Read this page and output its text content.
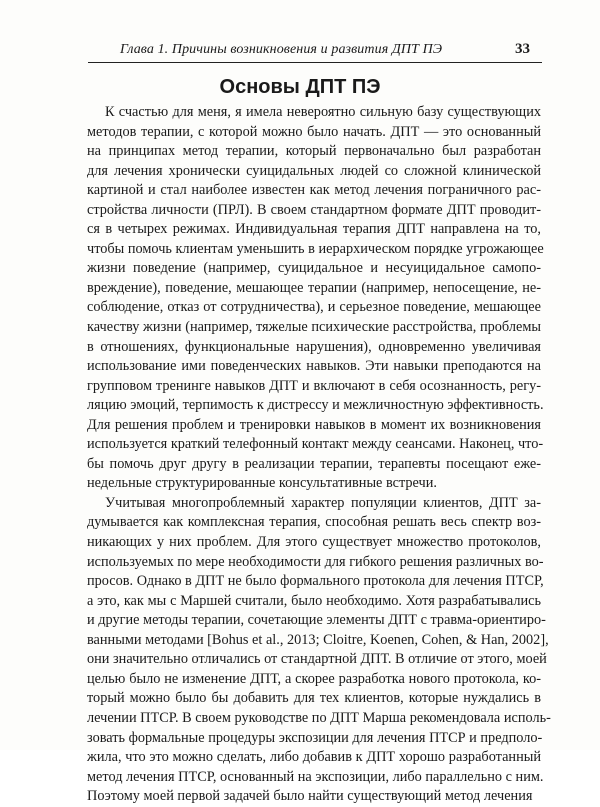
Глава 1. Причины возникновения и развития ДПТ ПЭ	33
Основы ДПТ ПЭ
К счастью для меня, я имела невероятно сильную базу существующих
методов терапии, с которой можно было начать. ДПТ — это основанный
на принципах метод терапии, который первоначально был разработан
для лечения хронически суицидальных людей со сложной клинической
картиной и стал наиболее известен как метод лечения пограничного рас-
стройства личности (ПРЛ). В своем стандартном формате ДПТ проводит-
ся в четырех режимах. Индивидуальная терапия ДПТ направлена на то,
чтобы помочь клиентам уменьшить в иерархическом порядке угрожающее
жизни поведение (например, суицидальное и несуицидальное самопо-
вреждение), поведение, мешающее терапии (например, непосещение, не-
соблюдение, отказ от сотрудничества), и серьезное поведение, мешающее
качеству жизни (например, тяжелые психические расстройства, проблемы
в отношениях, функциональные нарушения), одновременно увеличивая
использование ими поведенческих навыков. Эти навыки преподаются на
групповом тренинге навыков ДПТ и включают в себя осознанность, регу-
ляцию эмоций, терпимость к дистрессу и межличностную эффективность.
Для решения проблем и тренировки навыков в момент их возникновения
используется краткий телефонный контакт между сеансами. Наконец, что-
бы помочь друг другу в реализации терапии, терапевты посещают еже-
недельные структурированные консультативные встречи.
Учитывая многопроблемный характер популяции клиентов, ДПТ за-
думывается как комплексная терапия, способная решать весь спектр воз-
никающих у них проблем. Для этого существует множество протоколов,
используемых по мере необходимости для гибкого решения различных во-
просов. Однако в ДПТ не было формального протокола для лечения ПТСР,
а это, как мы с Маршей считали, было необходимо. Хотя разрабатывались
и другие методы терапии, сочетающие элементы ДПТ с травма-ориентиро-
ванными методами [Bohus et al., 2013; Cloitre, Koenen, Cohen, & Han, 2002],
они значительно отличались от стандартной ДПТ. В отличие от этого, моей
целью было не изменение ДПТ, а скорее разработка нового протокола, ко-
торый можно было бы добавить для тех клиентов, которые нуждались в
лечении ПТСР. В своем руководстве по ДПТ Марша рекомендовала исполь-
зовать формальные процедуры экспозиции для лечения ПТСР и предполо-
жила, что это можно сделать, либо добавив к ДПТ хорошо разработанный
метод лечения ПТСР, основанный на экспозиции, либо параллельно с ним.
Поэтому моей первой задачей было найти существующий метод лечения
